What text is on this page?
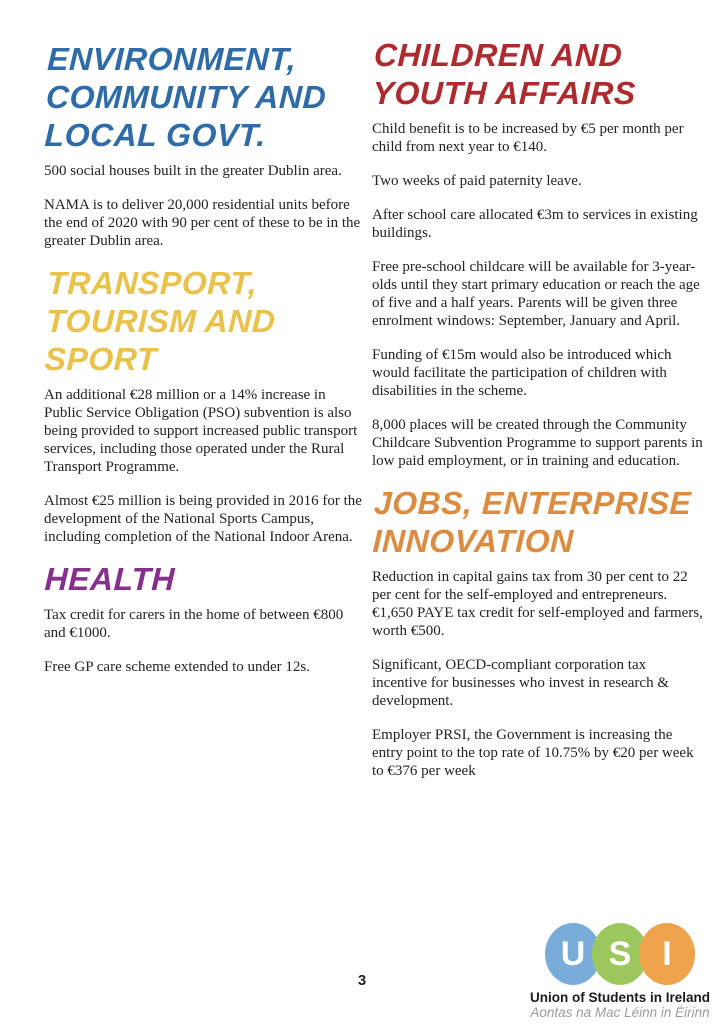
ENVIRONMENT,
COMMUNITY AND
LOCAL GOVT.

500 social houses built in the greater Dublin area.

NAMA is to deliver 20,000 residential units before the end of 2020 with 90 per cent of these to be in the greater Dublin area.

TRANSPORT,
TOURISM AND SPORT

An additional €28 million or a 14% increase in Public Service Obligation (PSO) subvention is also being provided to support increased public transport services, including those operated under the Rural Transport Programme.

Almost €25 million is being provided in 2016 for the development of the National Sports Campus, including completion of the National Indoor Arena.

HEALTH

Tax credit for carers in the home of between €800 and €1000.

Free GP care scheme extended to under 12s.

CHILDREN AND
YOUTH AFFAIRS

Child benefit is to be increased by €5 per month per child from next year to €140.

Two weeks of paid paternity leave.

After school care allocated €3m to services in existing buildings.

Free pre-school childcare will be available for 3-year-olds until they start primary education or reach the age of five and a half years. Parents will be given three enrolment windows: September, January and April.

Funding of €15m would also be introduced which would facilitate the participation of children with disabilities in the scheme.

8,000 places will be created through the Community Childcare Subvention Programme to support parents in low paid employment, or in training and education.

JOBS, ENTERPRISE
INNOVATION

Reduction in capital gains tax from 30 per cent to 22 per cent for the self-employed and entrepreneurs. €1,650 PAYE tax credit for self-employed and farmers, worth €500.

Significant, OECD-compliant corporation tax incentive for businesses who invest in research & development.

Employer PRSI, the Government is increasing the entry point to the top rate of 10.75% by €20 per week to €376 per week

3
U S I
Union of Students in Ireland
Aontas na Mac Léinn in Éirinn
